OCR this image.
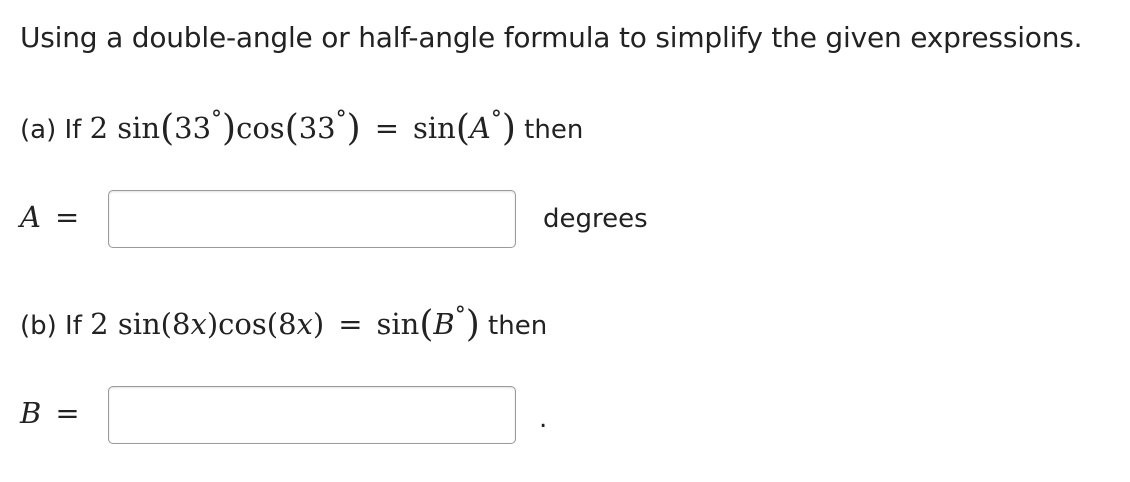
Using a double-angle or half-angle formula to simplify the given expressions.
(a) If 2 sin(33°)cos(33°) = sin(A°) then
A =	degrees
(b) If 2 sin(8x)cos(8x) = sin(B°) then
B =	.
